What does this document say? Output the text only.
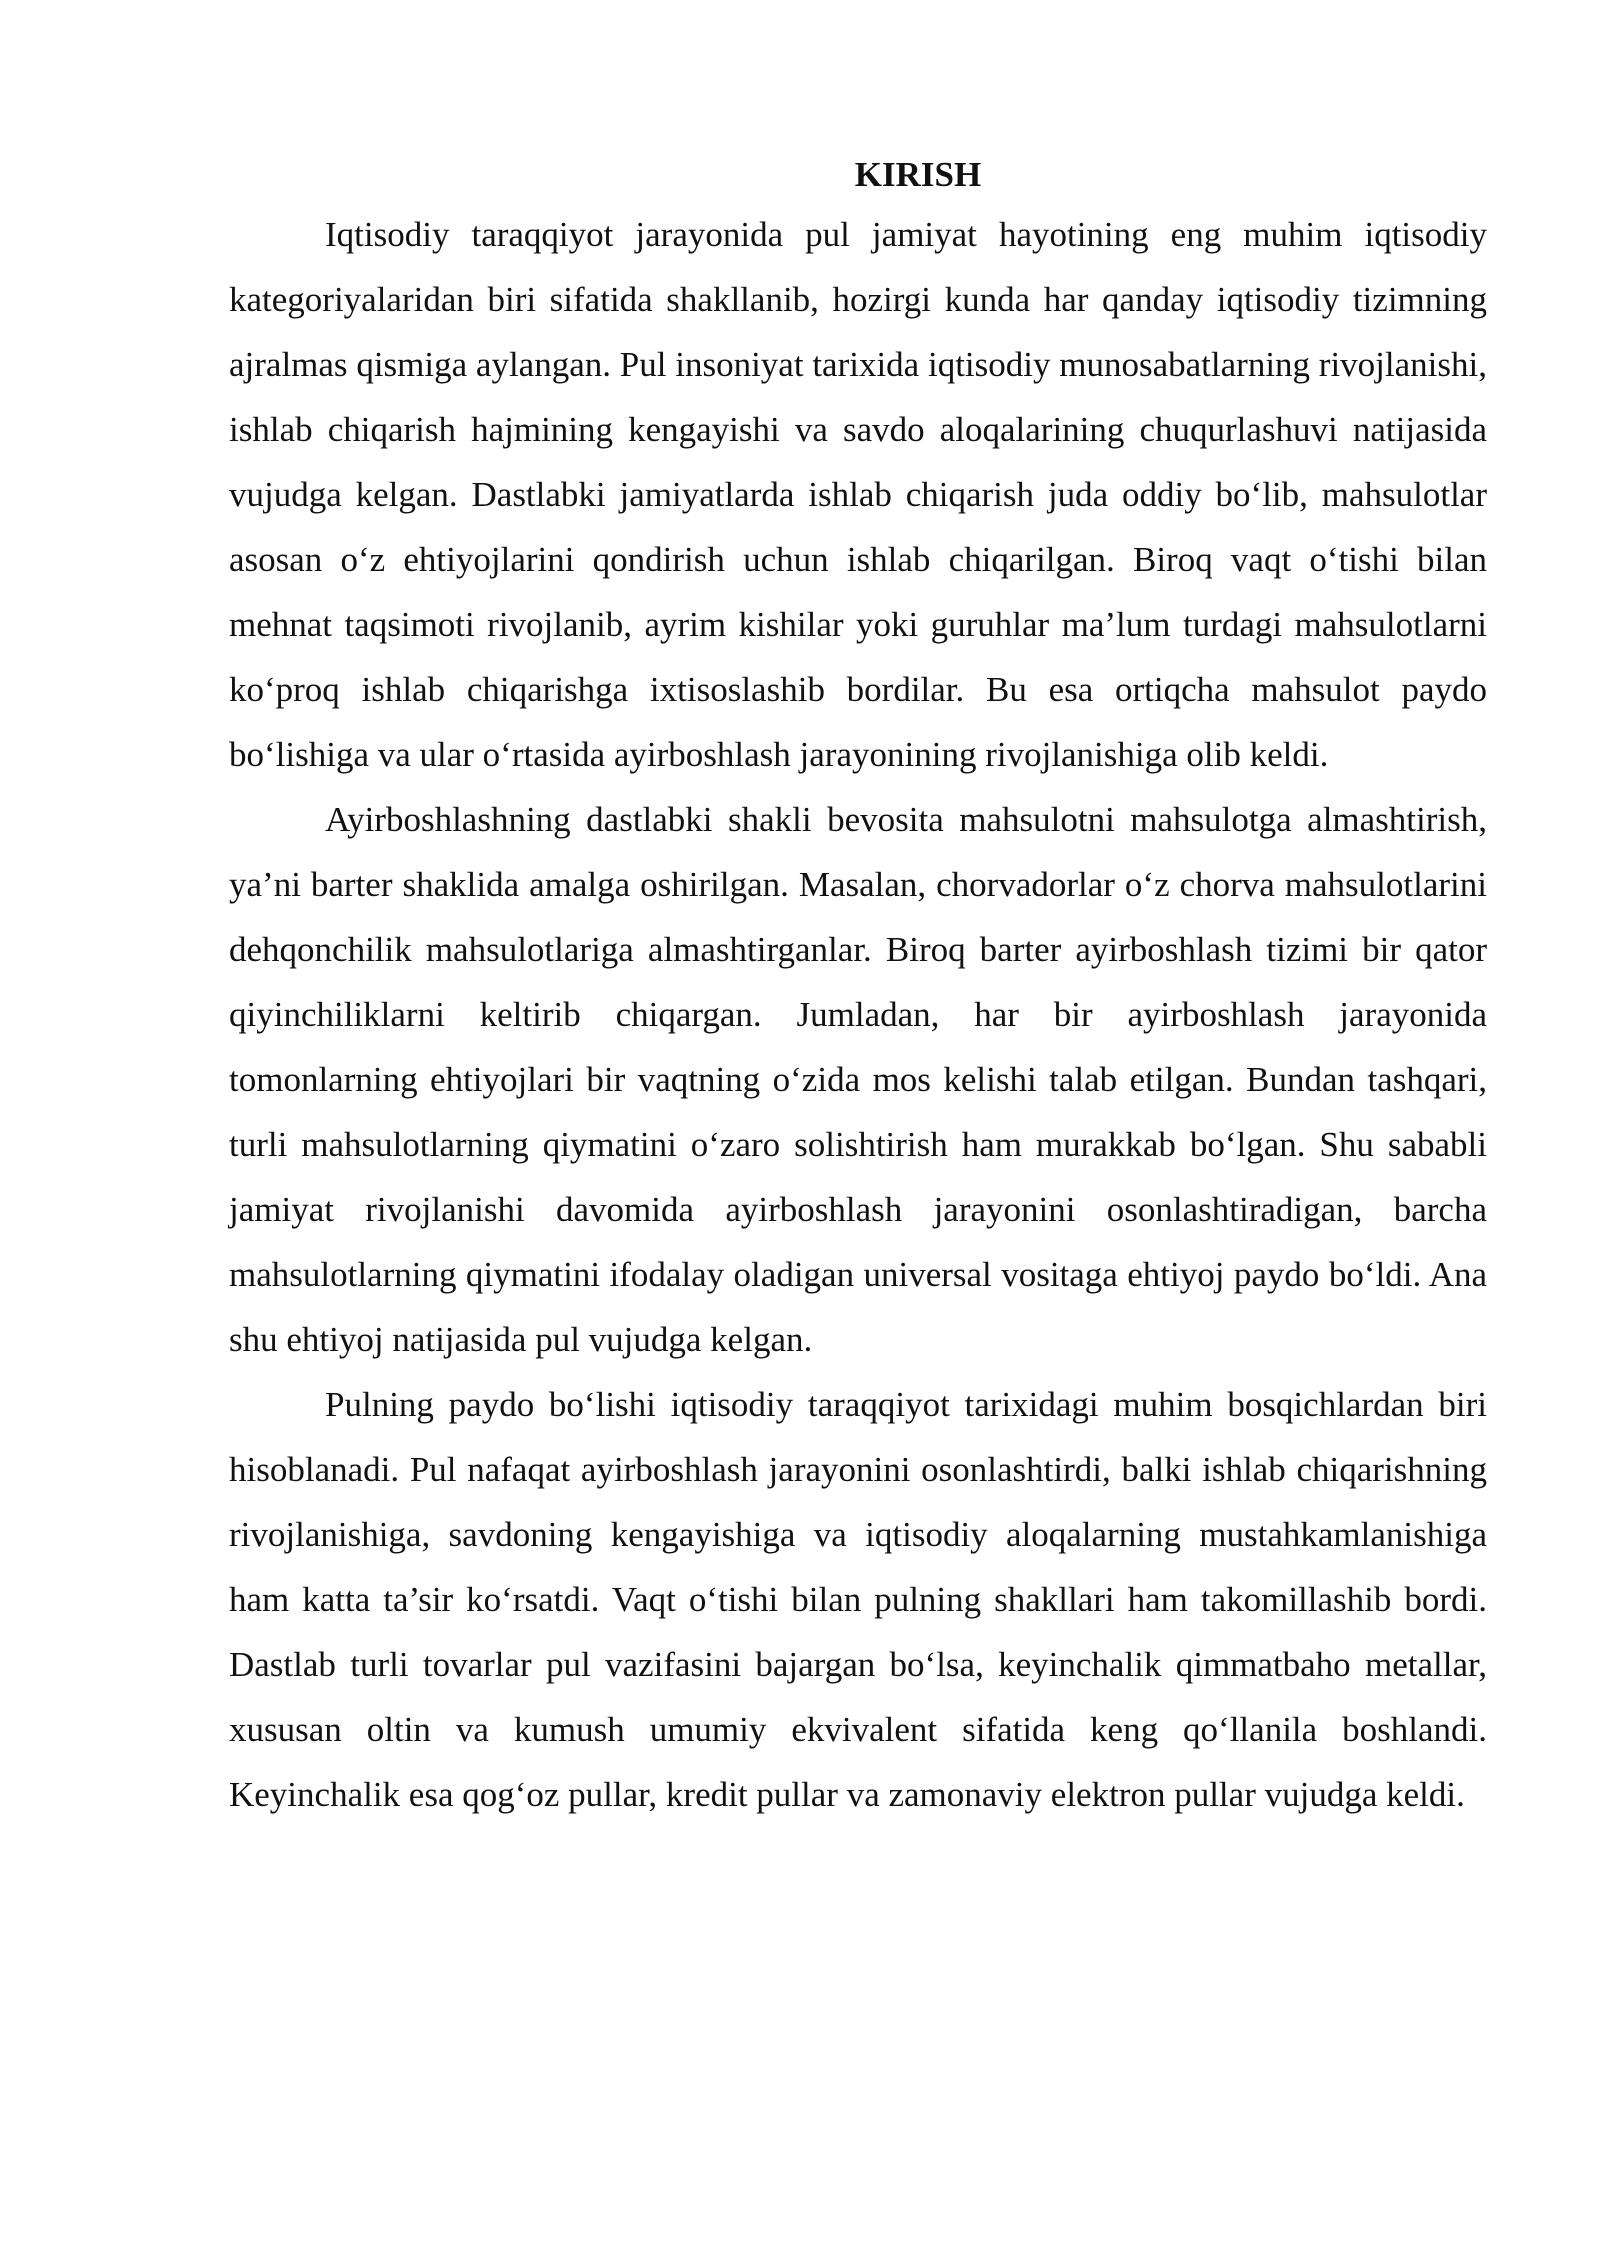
KIRISH

Iqtisodiy taraqqiyot jarayonida pul jamiyat hayotining eng muhim iqtisodiy kategoriyalaridan biri sifatida shakllanib, hozirgi kunda har qanday iqtisodiy tizimning ajralmas qismiga aylangan. Pul insoniyat tarixida iqtisodiy munosabatlarning rivojlanishi, ishlab chiqarish hajmining kengayishi va savdo aloqalarining chuqurlashuvi natijasida vujudga kelgan. Dastlabki jamiyatlarda ishlab chiqarish juda oddiy bo‘lib, mahsulotlar asosan o‘z ehtiyojlarini qondirish uchun ishlab chiqarilgan. Biroq vaqt o‘tishi bilan mehnat taqsimoti rivojlanib, ayrim kishilar yoki guruhlar ma’lum turdagi mahsulotlarni ko‘proq ishlab chiqarishga ixtisoslashib bordilar. Bu esa ortiqcha mahsulot paydo bo‘lishiga va ular o‘rtasida ayirboshlash jarayonining rivojlanishiga olib keldi.

Ayirboshlashning dastlabki shakli bevosita mahsulotni mahsulotga almashtirish, ya’ni barter shaklida amalga oshirilgan. Masalan, chorvadorlar o‘z chorva mahsulotlarini dehqonchilik mahsulotlariga almashtirganlar. Biroq barter ayirboshlash tizimi bir qator qiyinchiliklarni keltirib chiqargan. Jumladan, har bir ayirboshlash jarayonida tomonlarning ehtiyojlari bir vaqtning o‘zida mos kelishi talab etilgan. Bundan tashqari, turli mahsulotlarning qiymatini o‘zaro solishtirish ham murakkab bo‘lgan. Shu sababli jamiyat rivojlanishi davomida ayirboshlash jarayonini osonlashtiradigan, barcha mahsulotlarning qiymatini ifodalay oladigan universal vositaga ehtiyoj paydo bo‘ldi. Ana shu ehtiyoj natijasida pul vujudga kelgan.

Pulning paydo bo‘lishi iqtisodiy taraqqiyot tarixidagi muhim bosqichlardan biri hisoblanadi. Pul nafaqat ayirboshlash jarayonini osonlashtirdi, balki ishlab chiqarishning rivojlanishiga, savdoning kengayishiga va iqtisodiy aloqalarning mustahkamlanishiga ham katta ta’sir ko‘rsatdi. Vaqt o‘tishi bilan pulning shakllari ham takomillashib bordi. Dastlab turli tovarlar pul vazifasini bajargan bo‘lsa, keyinchalik qimmatbaho metallar, xususan oltin va kumush umumiy ekvivalent sifatida keng qo‘llanila boshlandi. Keyinchalik esa qog‘oz pullar, kredit pullar va zamonaviy elektron pullar vujudga keldi.
